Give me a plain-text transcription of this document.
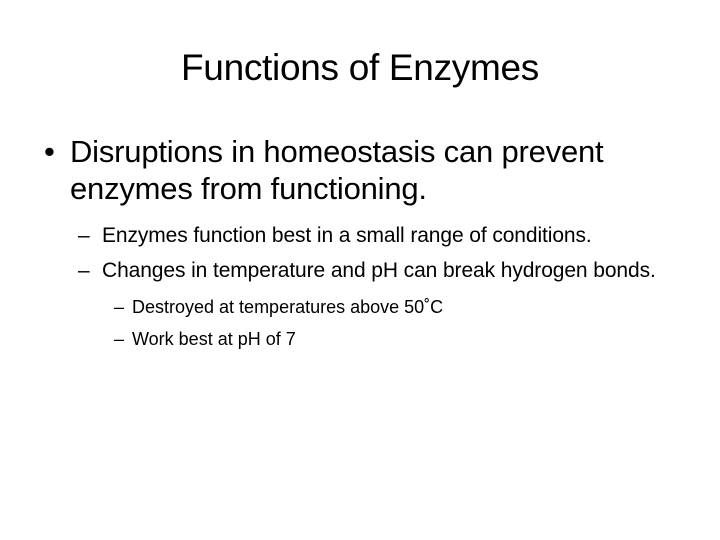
Functions of Enzymes
• Disruptions in homeostasis can prevent enzymes from functioning.
– Enzymes function best in a small range of conditions.
– Changes in temperature and pH can break hydrogen bonds.
– Destroyed at temperatures above 50˚C
– Work best at pH of 7
